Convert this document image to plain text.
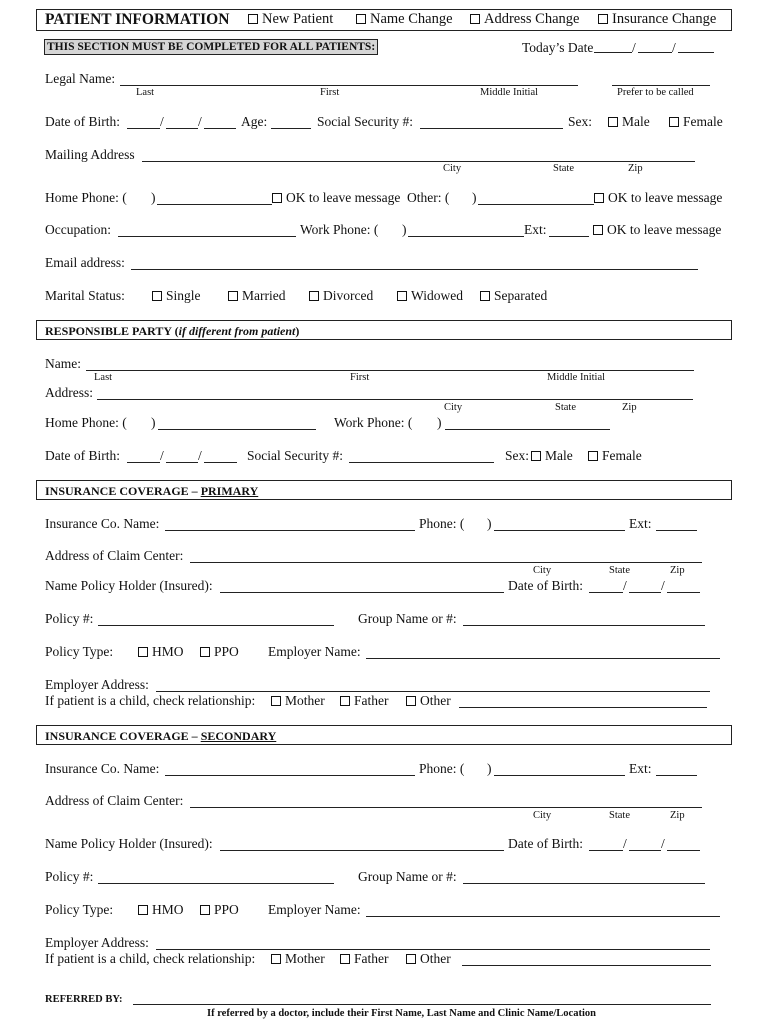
PATIENT INFORMATION	New Patient	Name Change	Address Change	Insurance Change
THIS SECTION MUST BE COMPLETED FOR ALL PATIENTS:	Today’s Date	/	/
Legal Name:
Last	First	Middle Initial	Prefer to be called
Date of Birth:	/	/	Age:	Social Security #:	Sex:	Male	Female
Mailing Address
City	State	Zip
Home Phone: ( )	OK to leave message Other: ( )	OK to leave message
Occupation:	Work Phone: ( )	Ext:	OK to leave message
Email address:
Marital Status:	Single	Married	Divorced	Widowed	Separated
RESPONSIBLE PARTY (if different from patient)
Name:
Last	First	Middle Initial
Address:
City	State	Zip
Home Phone: ( )	Work Phone: ( )
Date of Birth:	/	/	Social Security #:	Sex:	Male	Female
INSURANCE COVERAGE – PRIMARY
Insurance Co. Name:	Phone: ( )	Ext:
Address of Claim Center:
City	State	Zip
Name Policy Holder (Insured):	Date of Birth:	/	/
Policy #:	Group Name or #:
Policy Type:	HMO	PPO Employer Name:
Employer Address:
If patient is a child, check relationship:	Mother	Father	Other
INSURANCE COVERAGE – SECONDARY
Insurance Co. Name:	Phone: ( )	Ext:
Address of Claim Center:
City	State	Zip
Name Policy Holder (Insured):	Date of Birth:	/	/
Policy #:	Group Name or #:
Policy Type:	HMO	PPO Employer Name:
Employer Address:
If patient is a child, check relationship:	Mother	Father	Other
REFERRED BY:
If referred by a doctor, include their First Name, Last Name and Clinic Name/Location
